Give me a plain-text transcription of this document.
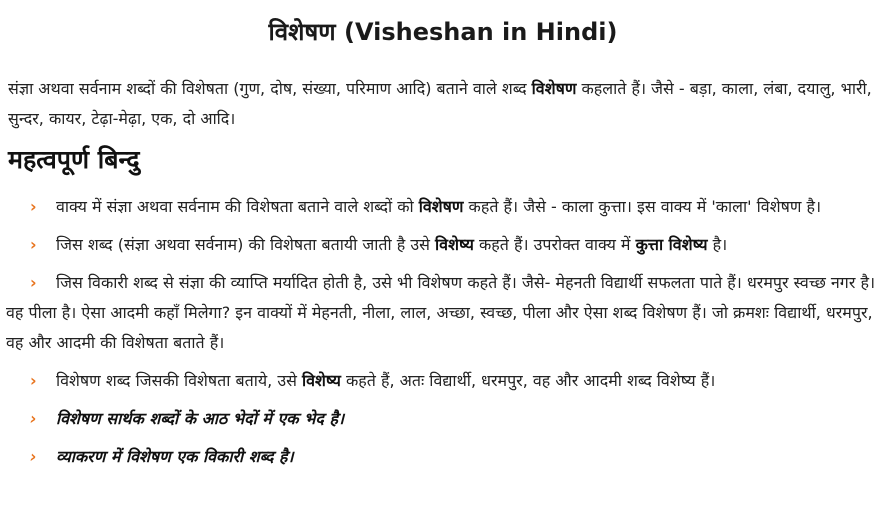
विशेषण (Visheshan in Hindi)

संज्ञा अथवा सर्वनाम शब्दों की विशेषता (गुण, दोष, संख्या, परिमाण आदि) बताने वाले शब्द विशेषण कहलाते हैं। जैसे - बड़ा, काला, लंबा, दयालु, भारी, सुन्दर, कायर, टेढ़ा-मेढ़ा, एक, दो आदि।

महत्वपूर्ण बिन्दु
› वाक्य में संज्ञा अथवा सर्वनाम की विशेषता बताने वाले शब्दों को विशेषण कहते हैं। जैसे - काला कुत्ता। इस वाक्य में 'काला' विशेषण है।
› जिस शब्द (संज्ञा अथवा सर्वनाम) की विशेषता बतायी जाती है उसे विशेष्य कहते हैं। उपरोक्त वाक्य में कुत्ता विशेष्य है।
› जिस विकारी शब्द से संज्ञा की व्याप्ति मर्यादित होती है, उसे भी विशेषण कहते हैं। जैसे- मेहनती विद्यार्थी सफलता पाते हैं। धरमपुर स्वच्छ नगर है। वह पीला है। ऐसा आदमी कहाँ मिलेगा? इन वाक्यों में मेहनती, नीला, लाल, अच्छा, स्वच्छ, पीला और ऐसा शब्द विशेषण हैं। जो क्रमशः विद्यार्थी, धरमपुर, वह और आदमी की विशेषता बताते हैं।
› विशेषण शब्द जिसकी विशेषता बताये, उसे विशेष्य कहते हैं, अतः विद्यार्थी, धरमपुर, वह और आदमी शब्द विशेष्य हैं।
› विशेषण सार्थक शब्दों के आठ भेदों में एक भेद है।
› व्याकरण में विशेषण एक विकारी शब्द है।
